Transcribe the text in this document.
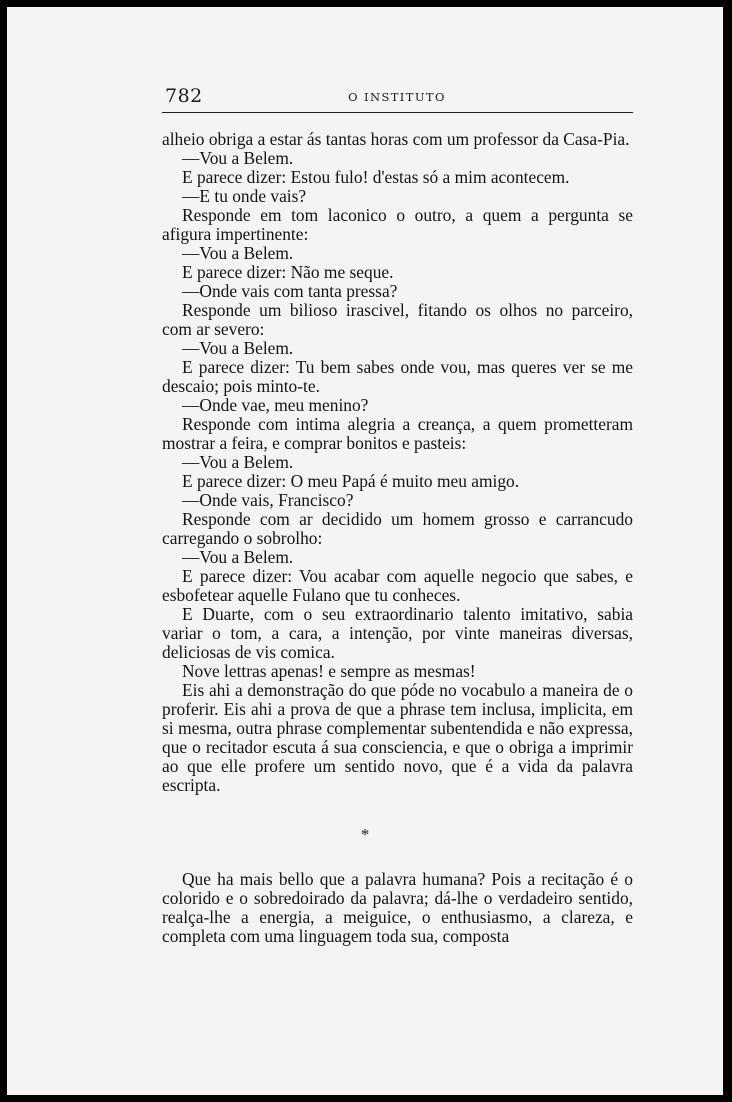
782	O INSTITUTO

alheio obriga a estar ás tantas horas com um professor da Casa-Pia.

—Vou a Belem.

E parece dizer: Estou fulo! d'estas só a mim acontecem.

—E tu onde vais?

Responde em tom laconico o outro, a quem a pergunta se afigura impertinente:

—Vou a Belem.

E parece dizer: Não me seque.

—Onde vais com tanta pressa?

Responde um bilioso irascivel, fitando os olhos no parceiro, com ar severo:

—Vou a Belem.

E parece dizer: Tu bem sabes onde vou, mas queres ver se me descaio; pois minto-te.

—Onde vae, meu menino?

Responde com intima alegria a creança, a quem prometteram mostrar a feira, e comprar bonitos e pasteis:

—Vou a Belem.

E parece dizer: O meu Papá é muito meu amigo.

—Onde vais, Francisco?

Responde com ar decidido um homem grosso e carrancudo carregando o sobrolho:

—Vou a Belem.

E parece dizer: Vou acabar com aquelle negocio que sabes, e esbofetear aquelle Fulano que tu conheces.

E Duarte, com o seu extraordinario talento imitativo, sabia variar o tom, a cara, a intenção, por vinte maneiras diversas, deliciosas de vis comica.

Nove lettras apenas! e sempre as mesmas!

Eis ahi a demonstração do que póde no vocabulo a maneira de o proferir. Eis ahi a prova de que a phrase tem inclusa, implicita, em si mesma, outra phrase complementar subentendida e não expressa, que o recitador escuta á sua consciencia, e que o obriga a imprimir ao que elle profere um sentido novo, que é a vida da palavra escripta.

*

Que ha mais bello que a palavra humana? Pois a recitação é o colorido e o sobredoirado da palavra; dá-lhe o verdadeiro sentido, realça-lhe a energia, a meiguice, o enthusiasmo, a clareza, e completa com uma linguagem toda sua, composta
